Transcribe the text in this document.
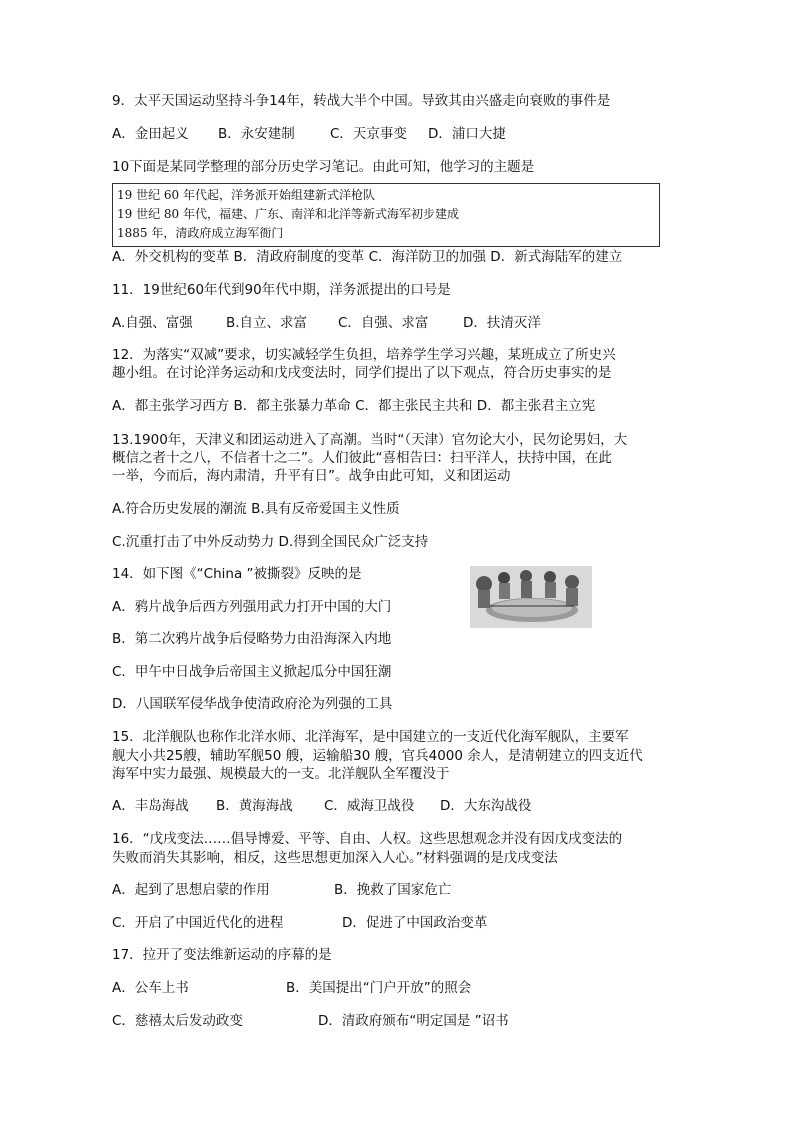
9．太平天国运动坚持斗争14年，转战大半个中国。导致其由兴盛走向衰败的事件是
A．金田起义 B．永安建制	C．天京事变 D．浦口大捷
10下面是某同学整理的部分历史学习笔记。由此可知，他学习的主题是
19 世纪 60 年代起，洋务派开始组建新式洋枪队
19 世纪 80 年代，福建、广东、南洋和北洋等新式海军初步建成
1885 年，清政府成立海军衙门
A．外交机构的变革 B．清政府制度的变革 C．海洋防卫的加强 D．新式海陆军的建立
11．19世纪60年代到90年代中期，洋务派提出的口号是
A.自强、富强 B.自立、求富 C．自强、求富	D．扶清灭洋
12．为落实“双减”要求，切实减轻学生负担，培养学生学习兴趣，某班成立了所史兴
趣小组。在讨论洋务运动和戊戌变法时，同学们提出了以下观点，符合历史事实的是
A．都主张学习西方 B．都主张暴力革命 C．都主张民主共和 D．都主张君主立宪
13.1900年，天津义和团运动进入了高潮。当时“（天津）官勿论大小，民勿论男妇，大
概信之者十之八，不信者十之二”。人们彼此“喜相告曰：扫平洋人，扶持中国，在此
一举，今而后，海内肃清，升平有日”。战争由此可知，义和团运动
A.符合历史发展的潮流 B.具有反帝爱国主义性质
C.沉重打击了中外反动势力 D.得到全国民众广泛支持
14．如下图《“China ”被撕裂》反映的是
A．鸦片战争后西方列强用武力打开中国的大门
B．第二次鸦片战争后侵略势力由沿海深入内地
C．甲午中日战争后帝国主义掀起瓜分中国狂潮
D．八国联军侵华战争使清政府沦为列强的工具
15．北洋舰队也称作北洋水师、北洋海军，是中国建立的一支近代化海军舰队，主要军
舰大小共25艘，辅助军舰50 艘，运输船30 艘，官兵4000 余人，是清朝建立的四支近代
海军中实力最强、规模最大的一支。北洋舰队全军覆没于
A．丰岛海战 B．黄海海战 C．威海卫战役 D．大东沟战役
16．“戊戌变法……倡导博爱、平等、自由、人权。这些思想观念并没有因戊戌变法的
失败而消失其影响，相反，这些思想更加深入人心。”材料强调的是戊戌变法
A．起到了思想启蒙的作用	B．挽救了国家危亡
C．开启了中国近代化的进程	D．促进了中国政治变革
17．拉开了变法维新运动的序幕的是
A．公车上书	B．美国提出“门户开放”的照会
C．慈禧太后发动政变	D．清政府颁布“明定国是 ”诏书
